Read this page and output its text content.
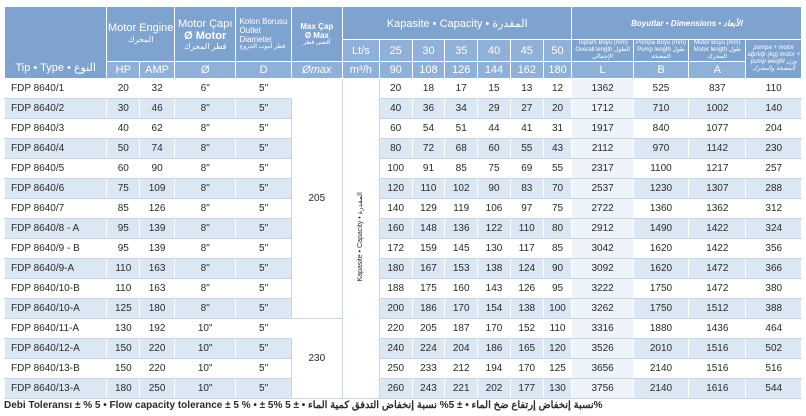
Tip • Type • النوع	Motor Engine
المحرك		Motor Çapı
Ø Motor
قطر المحرك	Kolon Borusu Outlet Diameter
قطر أنبوب الخروج	Max Çap
Ø Max
أقصى قطر	Kapasite • Capacity • المقدرة							Boyutlar • Dimensions • الأبعاد			
						Lt/s	25	30	35	40	45	50	Toplam Boyu (mm) Overall length الطول الإجمالي	Pompa Boyu (mm) Pump length طول المضخة	Motor Boyu (mm) Motor length طول المحرك	pompa + motor ağırlığı (kg) motor + pump weight وزن المضخة والمحرك

	HP	AMP	Ø	D	Ømax	m³/h	90	108	126	144	162	180	L	B	A	
FDP 8640/1	20	32	6"	5"	205	Kapasite • Capacity • المقدرة	20	18	17	15	13	12	1362	525	837	110
FDP 8640/2	30	46	8"	5"			40	36	34	29	27	20	1712	710	1002	140
FDP 8640/3	40	62	8"	5"			60	54	51	44	41	31	1917	840	1077	204
FDP 8640/4	50	74	8"	5"			80	72	68	60	55	43	2112	970	1142	230
FDP 8640/5	60	90	8"	5"			100	91	85	75	69	55	2317	1100	1217	257
FDP 8640/6	75	109	8"	5"			120	110	102	90	83	70	2537	1230	1307	288
FDP 8640/7	85	126	8"	5"			140	129	119	106	97	75	2722	1360	1362	312
FDP 8640/8 - A	95	139	8"	5"			160	148	136	122	110	80	2912	1490	1422	324
FDP 8640/9 - B	95	139	8"	5"			172	159	145	130	117	85	3042	1620	1422	356
FDP 8640/9-A	110	163	8"	5"			180	167	153	138	124	90	3092	1620	1472	366
FDP 8640/10-B	110	163	8"	5"			188	175	160	143	126	95	3222	1750	1472	380
FDP 8640/10-A	125	180	8"	5"			200	186	170	154	138	100	3262	1750	1512	388
FDP 8640/11-A	130	192	10"	5"	230		220	205	187	170	152	110	3316	1880	1436	464
FDP 8640/12-A	150	220	10"	5"			240	224	204	186	165	120	3526	2010	1516	502
FDP 8640/13-B	150	220	10"	5"			250	233	212	194	170	125	3656	2140	1516	516
FDP 8640/13-A	180	250	10"	5"			260	243	221	202	177	130	3756	2140	1616	544
Debi Toleransı ± % 5 • Flow capacity tolerance ± 5 % • ± 5% نسبة إنخفاض إرتفاع ضخ الماء • ± 5% نسبة إنخفاض التدفق كمية الماء • ± 5%
